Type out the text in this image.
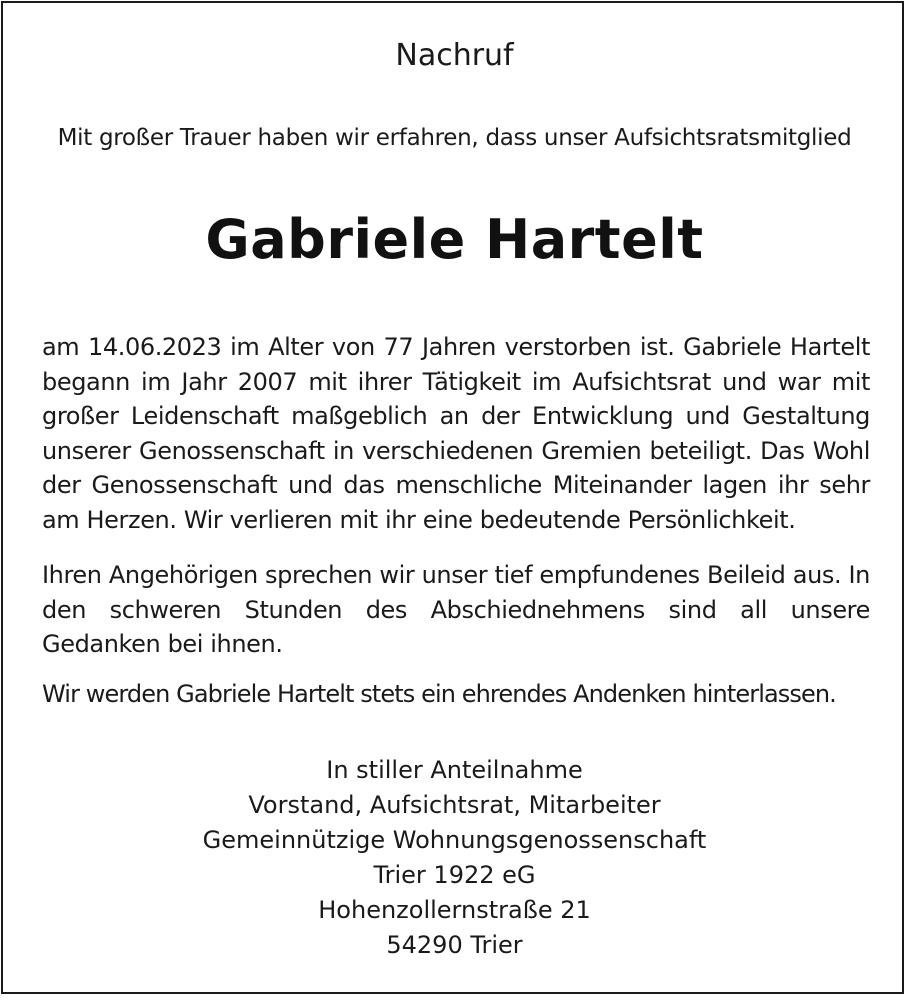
Nachruf
Mit großer Trauer haben wir erfahren, dass unser Aufsichtsratsmitglied
Gabriele Hartelt

am 14.06.2023 im Alter von 77 Jahren verstorben ist. Gabriele Hartelt begann im Jahr 2007 mit ihrer Tätigkeit im Aufsichtsrat und war mit großer Leidenschaft maßgeblich an der Entwicklung und Gestaltung unserer Genossenschaft in verschiedenen Gremien beteiligt. Das Wohl der Genossenschaft und das menschliche Miteinander lagen ihr sehr am Herzen. Wir verlieren mit ihr eine bedeutende Persönlichkeit.

Ihren Angehörigen sprechen wir unser tief empfundenes Beileid aus. In den schweren Stunden des Abschiednehmens sind all unsere Gedanken bei ihnen.

Wir werden Gabriele Hartelt stets ein ehrendes Andenken hinterlassen.

In stiller Anteilnahme
Vorstand, Aufsichtsrat, Mitarbeiter
Gemeinnützige Wohnungsgenossenschaft
Trier 1922 eG
Hohenzollernstraße 21
54290 Trier
